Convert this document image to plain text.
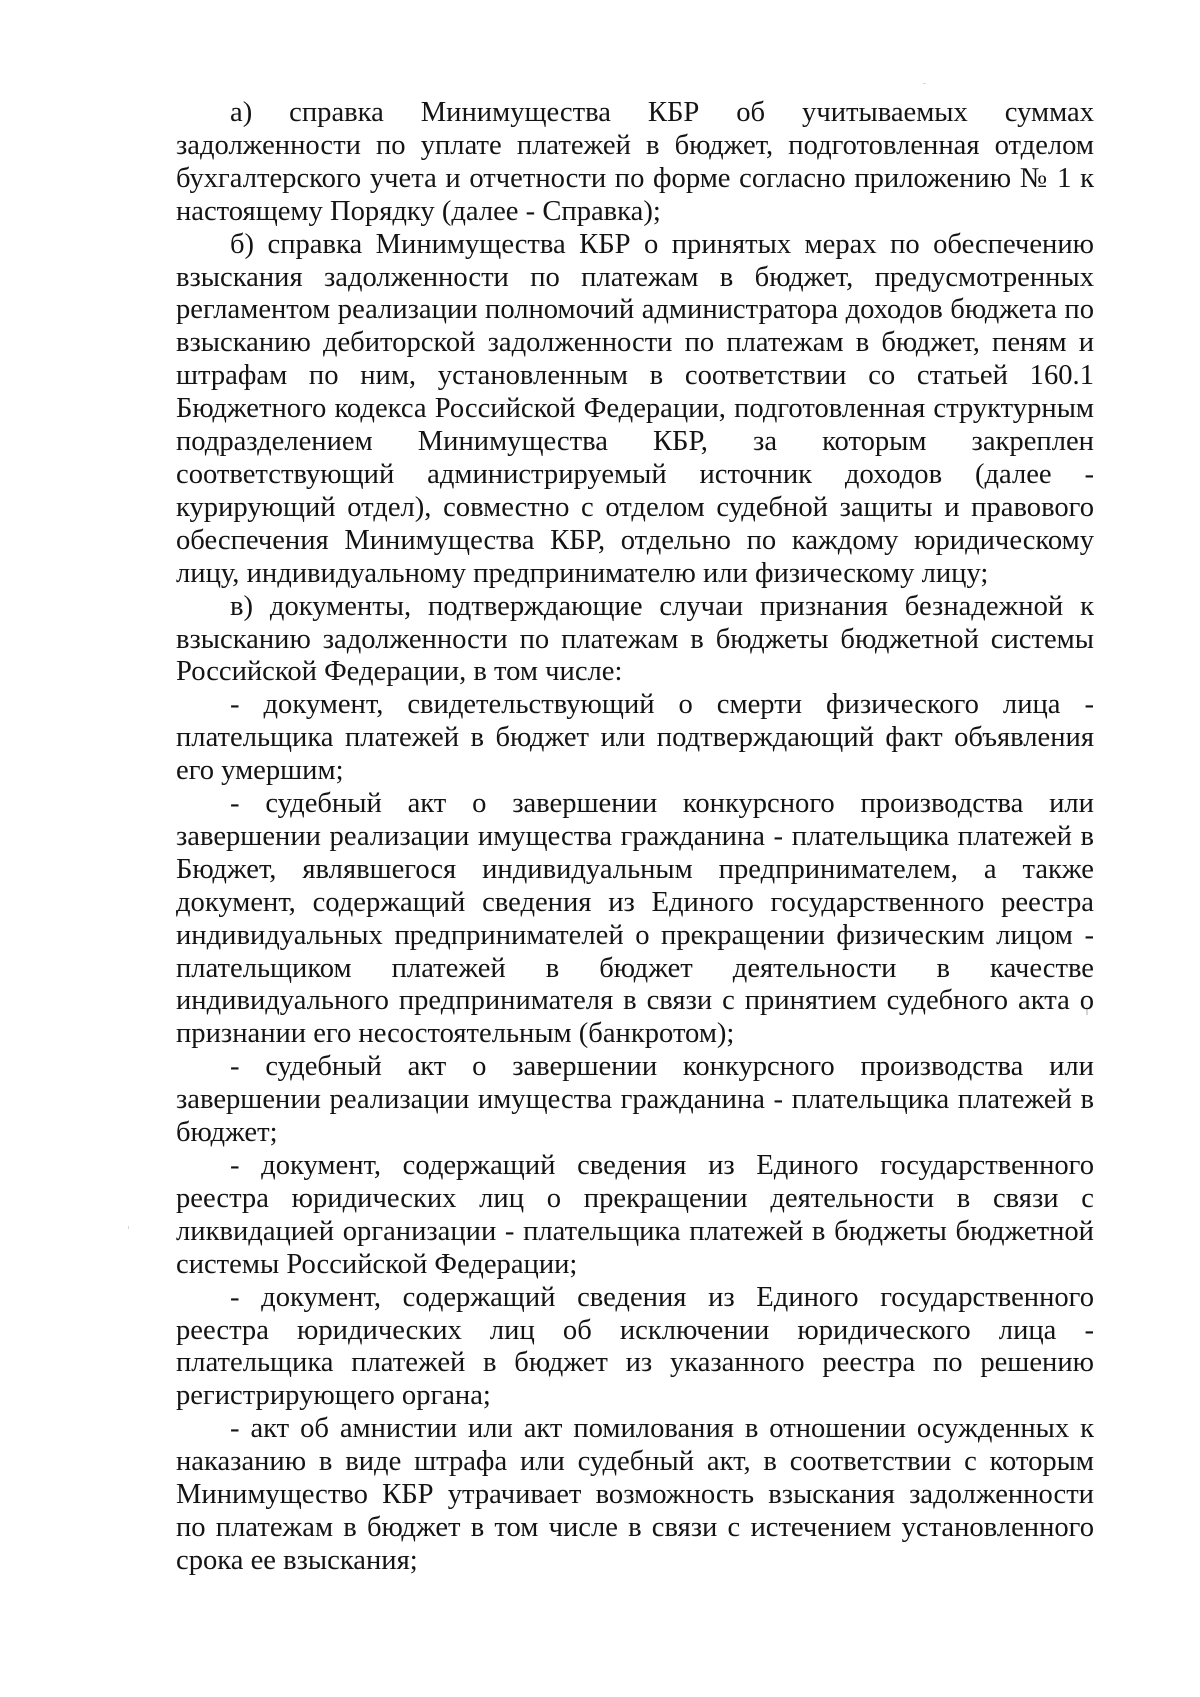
а) справка Минимущества КБР об учитываемых суммах задолженности по уплате платежей в бюджет, подготовленная отделом бухгалтерского учета и отчетности по форме согласно приложению № 1 к настоящему Порядку (далее - Справка);

б) справка Минимущества КБР о принятых мерах по обеспечению взыскания задолженности по платежам в бюджет, предусмотренных регламентом реализации полномочий администратора доходов бюджета по взысканию дебиторской задолженности по платежам в бюджет, пеням и штрафам по ним, установленным в соответствии со статьей 160.1 Бюджетного кодекса Российской Федерации, подготовленная структурным подразделением Минимущества КБР, за которым закреплен соответствующий администрируемый источник доходов (далее - курирующий отдел), совместно с отделом судебной защиты и правового обеспечения Минимущества КБР, отдельно по каждому юридическому лицу, индивидуальному предпринимателю или физическому лицу;

в) документы, подтверждающие случаи признания безнадежной к взысканию задолженности по платежам в бюджеты бюджетной системы Российской Федерации, в том числе:

- документ, свидетельствующий о смерти физического лица - плательщика платежей в бюджет или подтверждающий факт объявления его умершим;

- судебный акт о завершении конкурсного производства или завершении реализации имущества гражданина - плательщика платежей в Бюджет, являвшегося индивидуальным предпринимателем, а также документ, содержащий сведения из Единого государственного реестра индивидуальных предпринимателей о прекращении физическим лицом - плательщиком платежей в бюджет деятельности в качестве индивидуального предпринимателя в связи с принятием судебного акта о признании его несостоятельным (банкротом);

- судебный акт о завершении конкурсного производства или завершении реализации имущества гражданина - плательщика платежей в бюджет;

- документ, содержащий сведения из Единого государственного реестра юридических лиц о прекращении деятельности в связи с ликвидацией организации - плательщика платежей в бюджеты бюджетной системы Российской Федерации;

- документ, содержащий сведения из Единого государственного реестра юридических лиц об исключении юридического лица - плательщика платежей в бюджет из указанного реестра по решению регистрирующего органа;

- акт об амнистии или акт помилования в отношении осужденных к наказанию в виде штрафа или судебный акт, в соответствии с которым Минимущество КБР утрачивает возможность взыскания задолженности по платежам в бюджет в том числе в связи с истечением установленного срока ее взыскания;
